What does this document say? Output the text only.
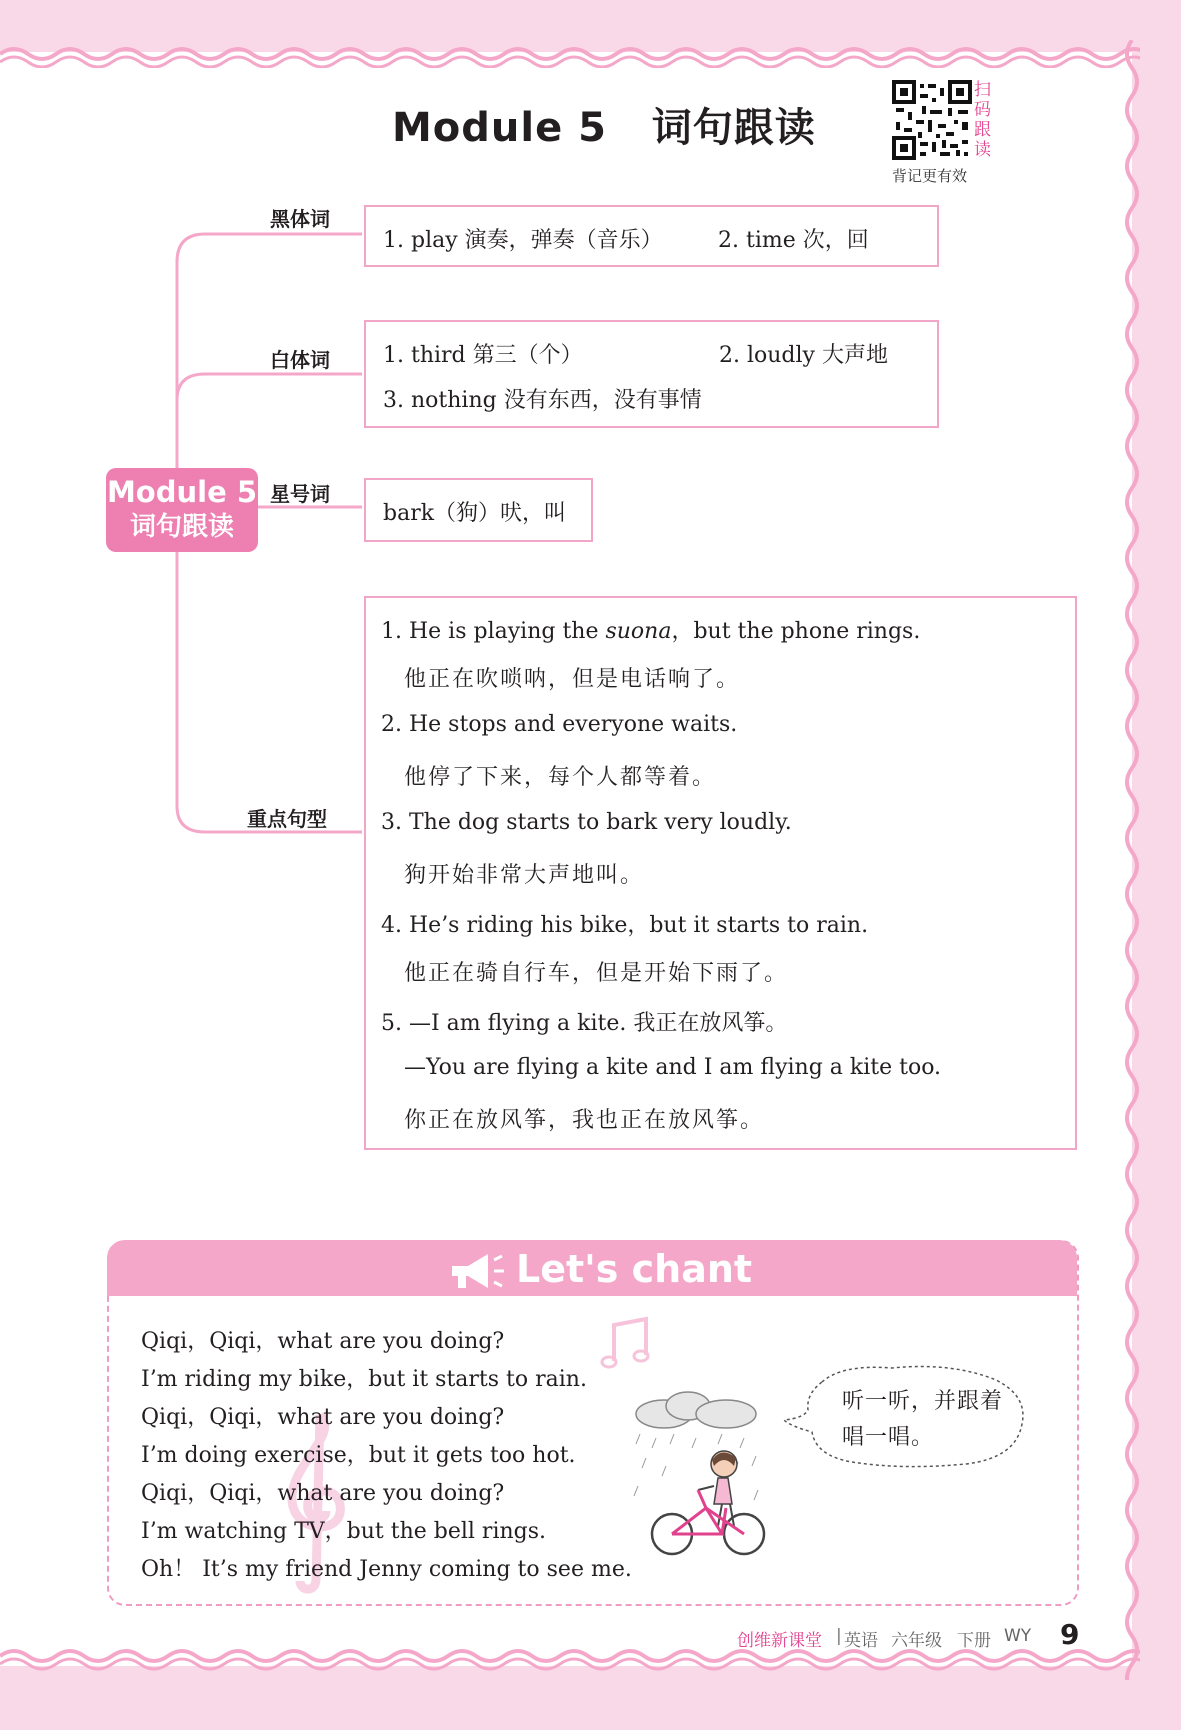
Module 5 词句跟读
扫
码
跟
读
背记更有效
Module 5
词句跟读
黑体词
白体词
星号词
重点句型
1. play 演奏，弹奏（音乐）	2. time 次，回
1. third 第三（个）	2. loudly 大声地
3. nothing 没有东西，没有事情
bark（狗）吠，叫
1. He is playing the suona，but the phone rings.
他正在吹唢呐，但是电话响了。
2. He stops and everyone waits.
他停了下来，每个人都等着。
3. The dog starts to bark very loudly.
狗开始非常大声地叫。
4. He’s riding his bike，but it starts to rain.
他正在骑自行车，但是开始下雨了。
5. —I am flying a kite. 我正在放风筝。
—You are flying a kite and I am flying a kite too.
你正在放风筝，我也正在放风筝。
Let's chant
Qiqi，Qiqi，what are you doing?
I’m riding my bike，but it starts to rain.
Qiqi，Qiqi，what are you doing?
I’m doing exercise，but it gets too hot.
Qiqi，Qiqi，what are you doing?
I’m watching TV，but the bell rings.
Oh！ It’s my friend Jenny coming to see me.
听一听，并跟着
唱一唱。
创维新课堂 | 英语 六年级 下册 WY 9
